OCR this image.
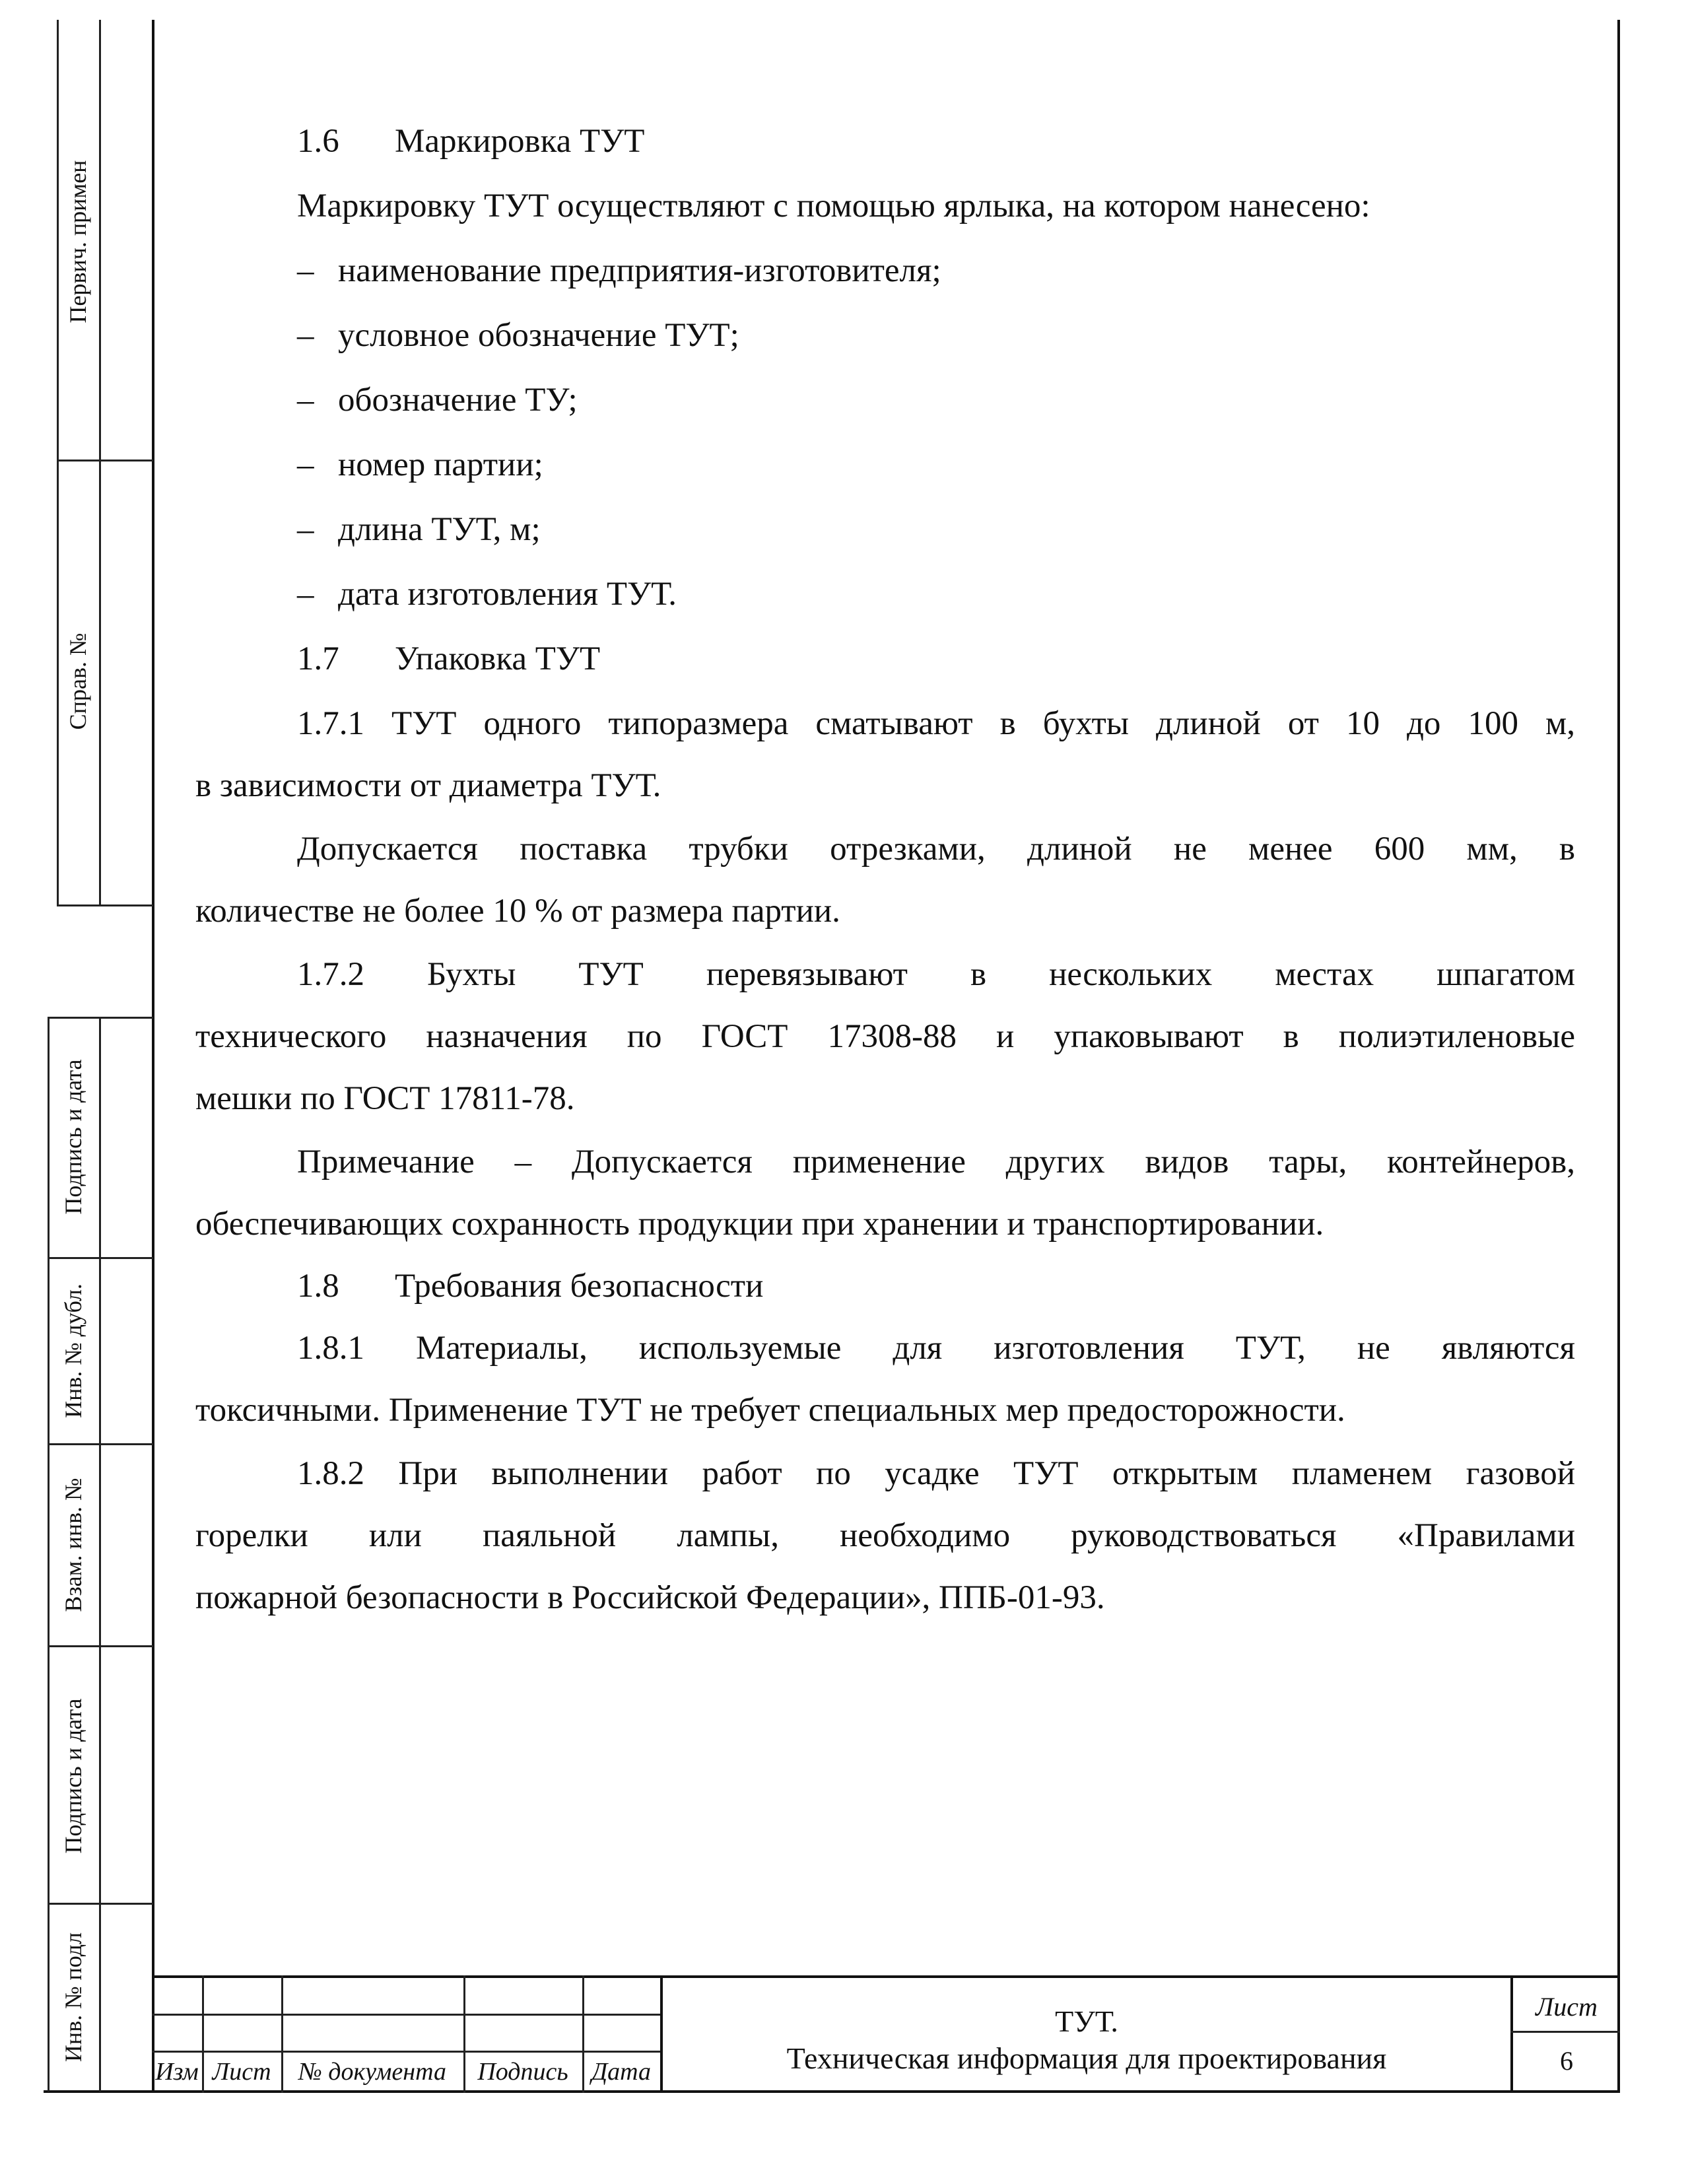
Первич. примен
Справ. №
Подпись и дата
Инв. № дубл.
Взам. инв. №
Подпись и дата
Инв. № подл
1.6 Маркировка ТУТ
Маркировку ТУТ осуществляют с помощью ярлыка, на котором нанесено:
– наименование предприятия-изготовителя;
– условное обозначение ТУТ;
– обозначение ТУ;
– номер партии;
– длина ТУТ, м;
– дата изготовления ТУТ.
1.7 Упаковка ТУТ
1.7.1 ТУТ одного типоразмера сматывают в бухты длиной от 10 до 100 м,
в зависимости от диаметра ТУТ.
Допускается поставка трубки отрезками, длиной не менее 600 мм, в
количестве не более 10 % от размера партии.
1.7.2 Бухты ТУТ перевязывают в нескольких местах шпагатом
технического назначения по ГОСТ 17308-88 и упаковывают в полиэтиленовые
мешки по ГОСТ 17811-78.
Примечание – Допускается применение других видов тары, контейнеров,
обеспечивающих сохранность продукции при хранении и транспортировании.
1.8 Требования безопасности
1.8.1 Материалы, используемые для изготовления ТУТ, не являются
токсичными. Применение ТУТ не требует специальных мер предосторожности.
1.8.2 При выполнении работ по усадке ТУТ открытым пламенем газовой
горелки или паяльной лампы, необходимо руководствоваться «Правилами
пожарной безопасности в Российской Федерации», ППБ-01-93.
Изм Лист	№ документа	Подпись Дата
ТУТ.
Техническая информация для проектирования
Лист
6
